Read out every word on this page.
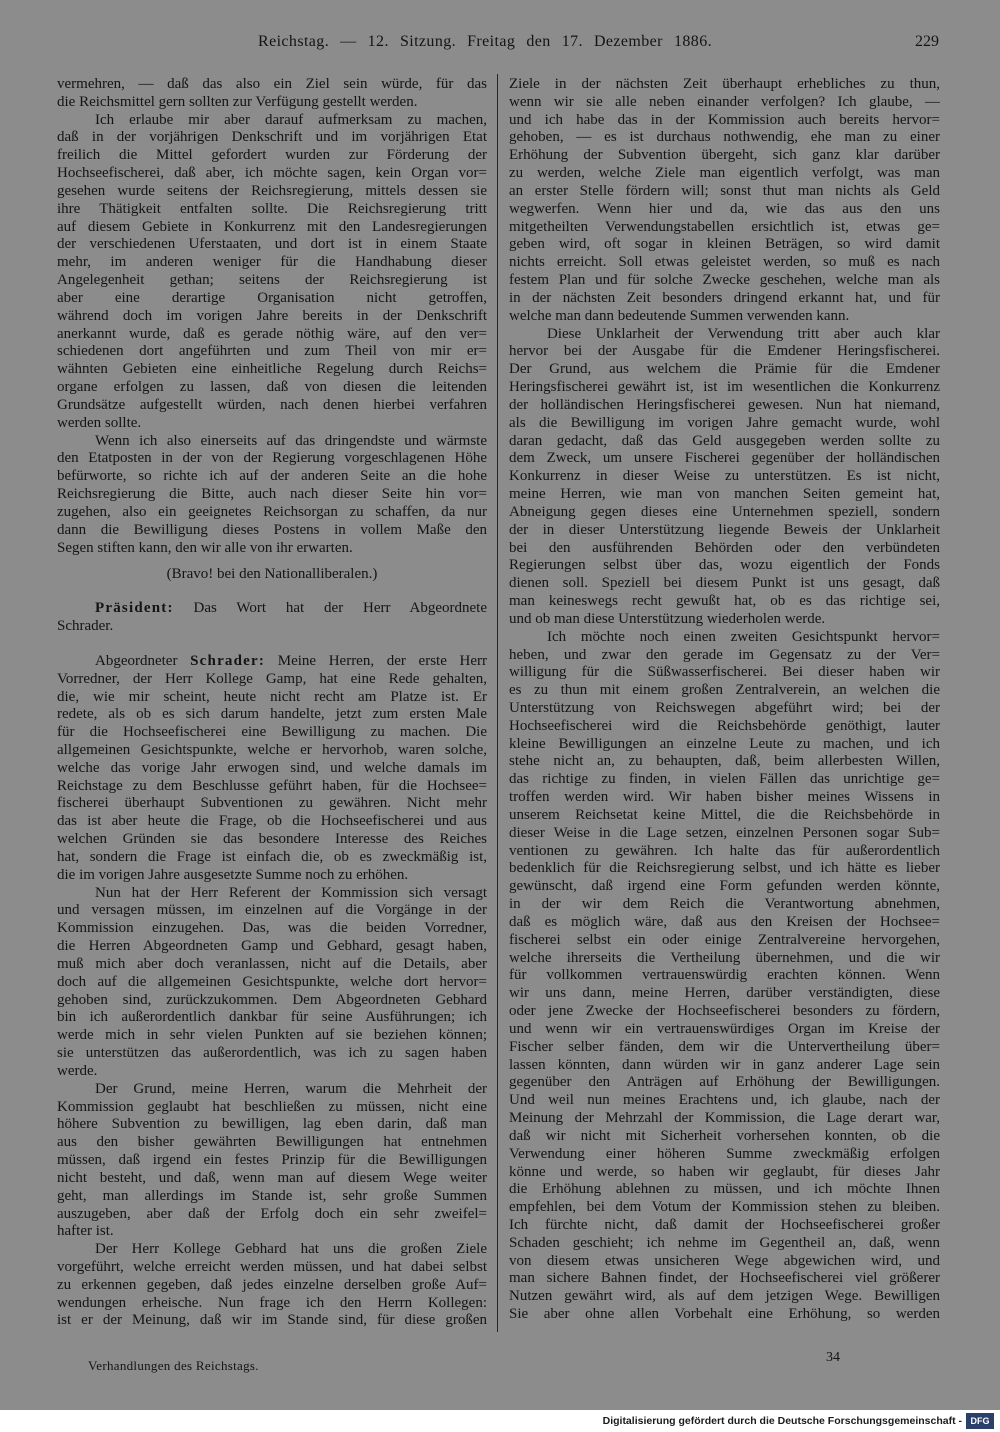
Reichstag. — 12. Sitzung. Freitag den 17. Dezember 1886.	229
vermehren, — daß das also ein Ziel sein würde, für das
die Reichsmittel gern sollten zur Verfügung gestellt werden.
Ich erlaube mir aber darauf aufmerksam zu machen,
daß in der vorjährigen Denkschrift und im vorjährigen Etat
freilich die Mittel gefordert wurden zur Förderung der
Hochseefischerei, daß aber, ich möchte sagen, kein Organ vor=
gesehen wurde seitens der Reichsregierung, mittels dessen sie
ihre Thätigkeit entfalten sollte. Die Reichsregierung tritt
auf diesem Gebiete in Konkurrenz mit den Landesregierungen
der verschiedenen Uferstaaten, und dort ist in einem Staate
mehr, im anderen weniger für die Handhabung dieser
Angelegenheit gethan; seitens der Reichsregierung ist
aber eine derartige Organisation nicht getroffen,
während doch im vorigen Jahre bereits in der Denkschrift
anerkannt wurde, daß es gerade nöthig wäre, auf den ver=
schiedenen dort angeführten und zum Theil von mir er=
wähnten Gebieten eine einheitliche Regelung durch Reichs=
organe erfolgen zu lassen, daß von diesen die leitenden
Grundsätze aufgestellt würden, nach denen hierbei verfahren
werden sollte.
Wenn ich also einerseits auf das dringendste und wärmste
den Etatposten in der von der Regierung vorgeschlagenen Höhe
befürworte, so richte ich auf der anderen Seite an die hohe
Reichsregierung die Bitte, auch nach dieser Seite hin vor=
zugehen, also ein geeignetes Reichsorgan zu schaffen, da nur
dann die Bewilligung dieses Postens in vollem Maße den
Segen stiften kann, den wir alle von ihr erwarten.
(Bravo! bei den Nationalliberalen.)
Präsident: Das Wort hat der Herr Abgeordnete
Schrader.
Abgeordneter Schrader: Meine Herren, der erste Herr
Vorredner, der Herr Kollege Gamp, hat eine Rede gehalten,
die, wie mir scheint, heute nicht recht am Platze ist. Er
redete, als ob es sich darum handelte, jetzt zum ersten Male
für die Hochseefischerei eine Bewilligung zu machen. Die
allgemeinen Gesichtspunkte, welche er hervorhob, waren solche,
welche das vorige Jahr erwogen sind, und welche damals im
Reichstage zu dem Beschlusse geführt haben, für die Hochsee=
fischerei überhaupt Subventionen zu gewähren. Nicht mehr
das ist aber heute die Frage, ob die Hochseefischerei und aus
welchen Gründen sie das besondere Interesse des Reiches
hat, sondern die Frage ist einfach die, ob es zweckmäßig ist,
die im vorigen Jahre ausgesetzte Summe noch zu erhöhen.
Nun hat der Herr Referent der Kommission sich versagt
und versagen müssen, im einzelnen auf die Vorgänge in der
Kommission einzugehen. Das, was die beiden Vorredner,
die Herren Abgeordneten Gamp und Gebhard, gesagt haben,
muß mich aber doch veranlassen, nicht auf die Details, aber
doch auf die allgemeinen Gesichtspunkte, welche dort hervor=
gehoben sind, zurückzukommen. Dem Abgeordneten Gebhard
bin ich außerordentlich dankbar für seine Ausführungen; ich
werde mich in sehr vielen Punkten auf sie beziehen können;
sie unterstützen das außerordentlich, was ich zu sagen haben
werde.
Der Grund, meine Herren, warum die Mehrheit der
Kommission geglaubt hat beschließen zu müssen, nicht eine
höhere Subvention zu bewilligen, lag eben darin, daß man
aus den bisher gewährten Bewilligungen hat entnehmen
müssen, daß irgend ein festes Prinzip für die Bewilligungen
nicht besteht, und daß, wenn man auf diesem Wege weiter
geht, man allerdings im Stande ist, sehr große Summen
auszugeben, aber daß der Erfolg doch ein sehr zweifel=
hafter ist.
Der Herr Kollege Gebhard hat uns die großen Ziele
vorgeführt, welche erreicht werden müssen, und hat dabei selbst
zu erkennen gegeben, daß jedes einzelne derselben große Auf=
wendungen erheische. Nun frage ich den Herrn Kollegen:
ist er der Meinung, daß wir im Stande sind, für diese großen
Ziele in der nächsten Zeit überhaupt erhebliches zu thun,
wenn wir sie alle neben einander verfolgen? Ich glaube, —
und ich habe das in der Kommission auch bereits hervor=
gehoben, — es ist durchaus nothwendig, ehe man zu einer
Erhöhung der Subvention übergeht, sich ganz klar darüber
zu werden, welche Ziele man eigentlich verfolgt, was man
an erster Stelle fördern will; sonst thut man nichts als Geld
wegwerfen. Wenn hier und da, wie das aus den uns
mitgetheilten Verwendungstabellen ersichtlich ist, etwas ge=
geben wird, oft sogar in kleinen Beträgen, so wird damit
nichts erreicht. Soll etwas geleistet werden, so muß es nach
festem Plan und für solche Zwecke geschehen, welche man als
in der nächsten Zeit besonders dringend erkannt hat, und für
welche man dann bedeutende Summen verwenden kann.
Diese Unklarheit der Verwendung tritt aber auch klar
hervor bei der Ausgabe für die Emdener Heringsfischerei.
Der Grund, aus welchem die Prämie für die Emdener
Heringsfischerei gewährt ist, ist im wesentlichen die Konkurrenz
der holländischen Heringsfischerei gewesen. Nun hat niemand,
als die Bewilligung im vorigen Jahre gemacht wurde, wohl
daran gedacht, daß das Geld ausgegeben werden sollte zu
dem Zweck, um unsere Fischerei gegenüber der holländischen
Konkurrenz in dieser Weise zu unterstützen. Es ist nicht,
meine Herren, wie man von manchen Seiten gemeint hat,
Abneigung gegen dieses eine Unternehmen speziell, sondern
der in dieser Unterstützung liegende Beweis der Unklarheit
bei den ausführenden Behörden oder den verbündeten
Regierungen selbst über das, wozu eigentlich der Fonds
dienen soll. Speziell bei diesem Punkt ist uns gesagt, daß
man keineswegs recht gewußt hat, ob es das richtige sei,
und ob man diese Unterstützung wiederholen werde.
Ich möchte noch einen zweiten Gesichtspunkt hervor=
heben, und zwar den gerade im Gegensatz zu der Ver=
willigung für die Süßwasserfischerei. Bei dieser haben wir
es zu thun mit einem großen Zentralverein, an welchen die
Unterstützung von Reichswegen abgeführt wird; bei der
Hochseefischerei wird die Reichsbehörde genöthigt, lauter
kleine Bewilligungen an einzelne Leute zu machen, und ich
stehe nicht an, zu behaupten, daß, beim allerbesten Willen,
das richtige zu finden, in vielen Fällen das unrichtige ge=
troffen werden wird. Wir haben bisher meines Wissens in
unserem Reichsetat keine Mittel, die die Reichsbehörde in
dieser Weise in die Lage setzen, einzelnen Personen sogar Sub=
ventionen zu gewähren. Ich halte das für außerordentlich
bedenklich für die Reichsregierung selbst, und ich hätte es lieber
gewünscht, daß irgend eine Form gefunden werden könnte,
in der wir dem Reich die Verantwortung abnehmen,
daß es möglich wäre, daß aus den Kreisen der Hochsee=
fischerei selbst ein oder einige Zentralvereine hervorgehen,
welche ihrerseits die Vertheilung übernehmen, und die wir
für vollkommen vertrauenswürdig erachten können. Wenn
wir uns dann, meine Herren, darüber verständigten, diese
oder jene Zwecke der Hochseefischerei besonders zu fördern,
und wenn wir ein vertrauenswürdiges Organ im Kreise der
Fischer selber fänden, dem wir die Untervertheilung über=
lassen könnten, dann würden wir in ganz anderer Lage sein
gegenüber den Anträgen auf Erhöhung der Bewilligungen.
Und weil nun meines Erachtens und, ich glaube, nach der
Meinung der Mehrzahl der Kommission, die Lage derart war,
daß wir nicht mit Sicherheit vorhersehen konnten, ob die
Verwendung einer höheren Summe zweckmäßig erfolgen
könne und werde, so haben wir geglaubt, für dieses Jahr
die Erhöhung ablehnen zu müssen, und ich möchte Ihnen
empfehlen, bei dem Votum der Kommission stehen zu bleiben.
Ich fürchte nicht, daß damit der Hochseefischerei großer
Schaden geschieht; ich nehme im Gegentheil an, daß, wenn
von diesem etwas unsicheren Wege abgewichen wird, und
man sichere Bahnen findet, der Hochseefischerei viel größerer
Nutzen gewährt wird, als auf dem jetzigen Wege. Bewilligen
Sie aber ohne allen Vorbehalt eine Erhöhung, so werden
Verhandlungen des Reichstags.
34
Digitalisierung gefördert durch die Deutsche Forschungsgemeinschaft - DFG
